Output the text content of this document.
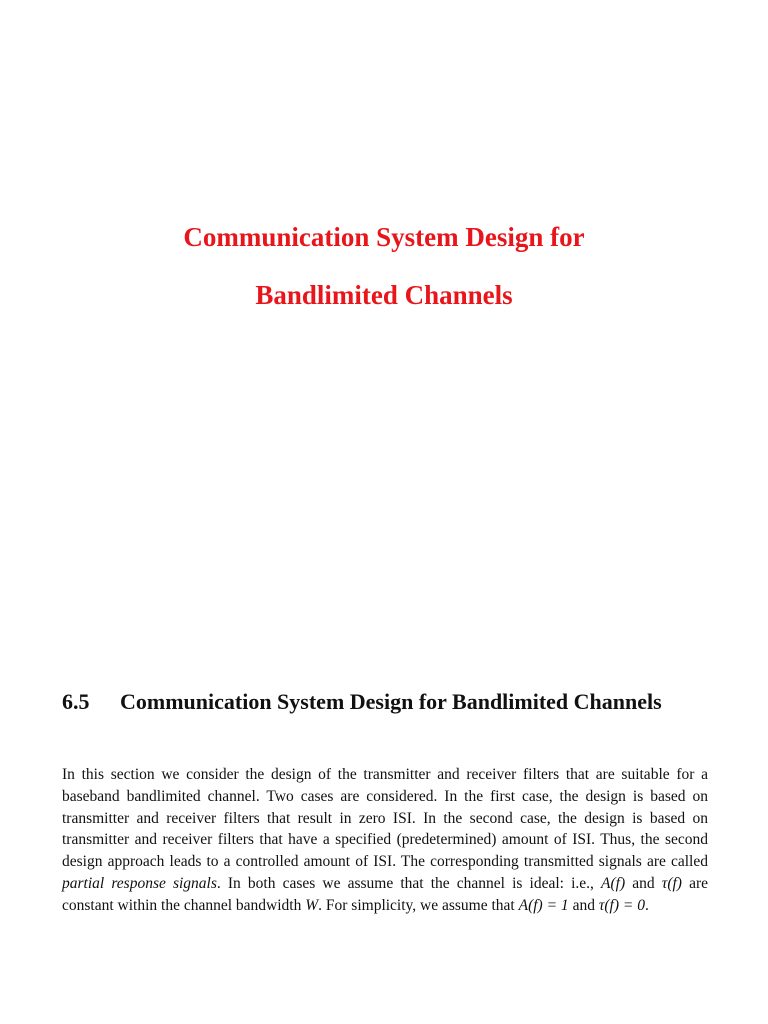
Communication System Design for

Bandlimited Channels

6.5	Communication System Design for Bandlimited Channels

In this section we consider the design of the transmitter and receiver filters that are suitable for a baseband bandlimited channel. Two cases are considered. In the first case, the design is based on transmitter and receiver filters that result in zero ISI. In the second case, the design is based on transmitter and receiver filters that have a specified (predetermined) amount of ISI. Thus, the second design approach leads to a controlled amount of ISI. The corresponding transmitted signals are called partial response signals. In both cases we assume that the channel is ideal: i.e., A(f) and τ(f) are constant within the channel bandwidth W. For simplicity, we assume that A(f) = 1 and τ(f) = 0.
